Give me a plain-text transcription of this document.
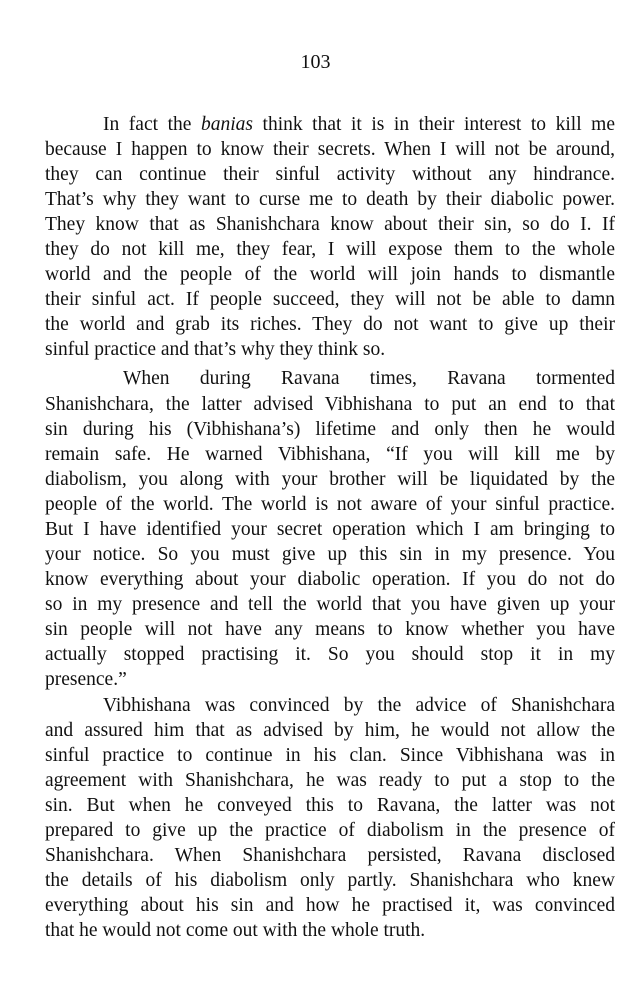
103
In fact the banias think that it is in their interest to kill me
because I happen to know their secrets. When I will not be around,
they can continue their sinful activity without any hindrance.
That’s why they want to curse me to death by their diabolic power.
They know that as Shanishchara know about their sin, so do I. If
they do not kill me, they fear, I will expose them to the whole
world and the people of the world will join hands to dismantle
their sinful act. If people succeed, they will not be able to damn
the world and grab its riches. They do not want to give up their
sinful practice and that’s why they think so.
When during Ravana times, Ravana tormented
Shanishchara, the latter advised Vibhishana to put an end to that
sin during his (Vibhishana’s) lifetime and only then he would
remain safe. He warned Vibhishana, “If you will kill me by
diabolism, you along with your brother will be liquidated by the
people of the world. The world is not aware of your sinful practice.
But I have identified your secret operation which I am bringing to
your notice. So you must give up this sin in my presence. You
know everything about your diabolic operation. If you do not do
so in my presence and tell the world that you have given up your
sin people will not have any means to know whether you have
actually stopped practising it. So you should stop it in my
presence.”
Vibhishana was convinced by the advice of Shanishchara
and assured him that as advised by him, he would not allow the
sinful practice to continue in his clan. Since Vibhishana was in
agreement with Shanishchara, he was ready to put a stop to the
sin. But when he conveyed this to Ravana, the latter was not
prepared to give up the practice of diabolism in the presence of
Shanishchara. When Shanishchara persisted, Ravana disclosed
the details of his diabolism only partly. Shanishchara who knew
everything about his sin and how he practised it, was convinced
that he would not come out with the whole truth.
